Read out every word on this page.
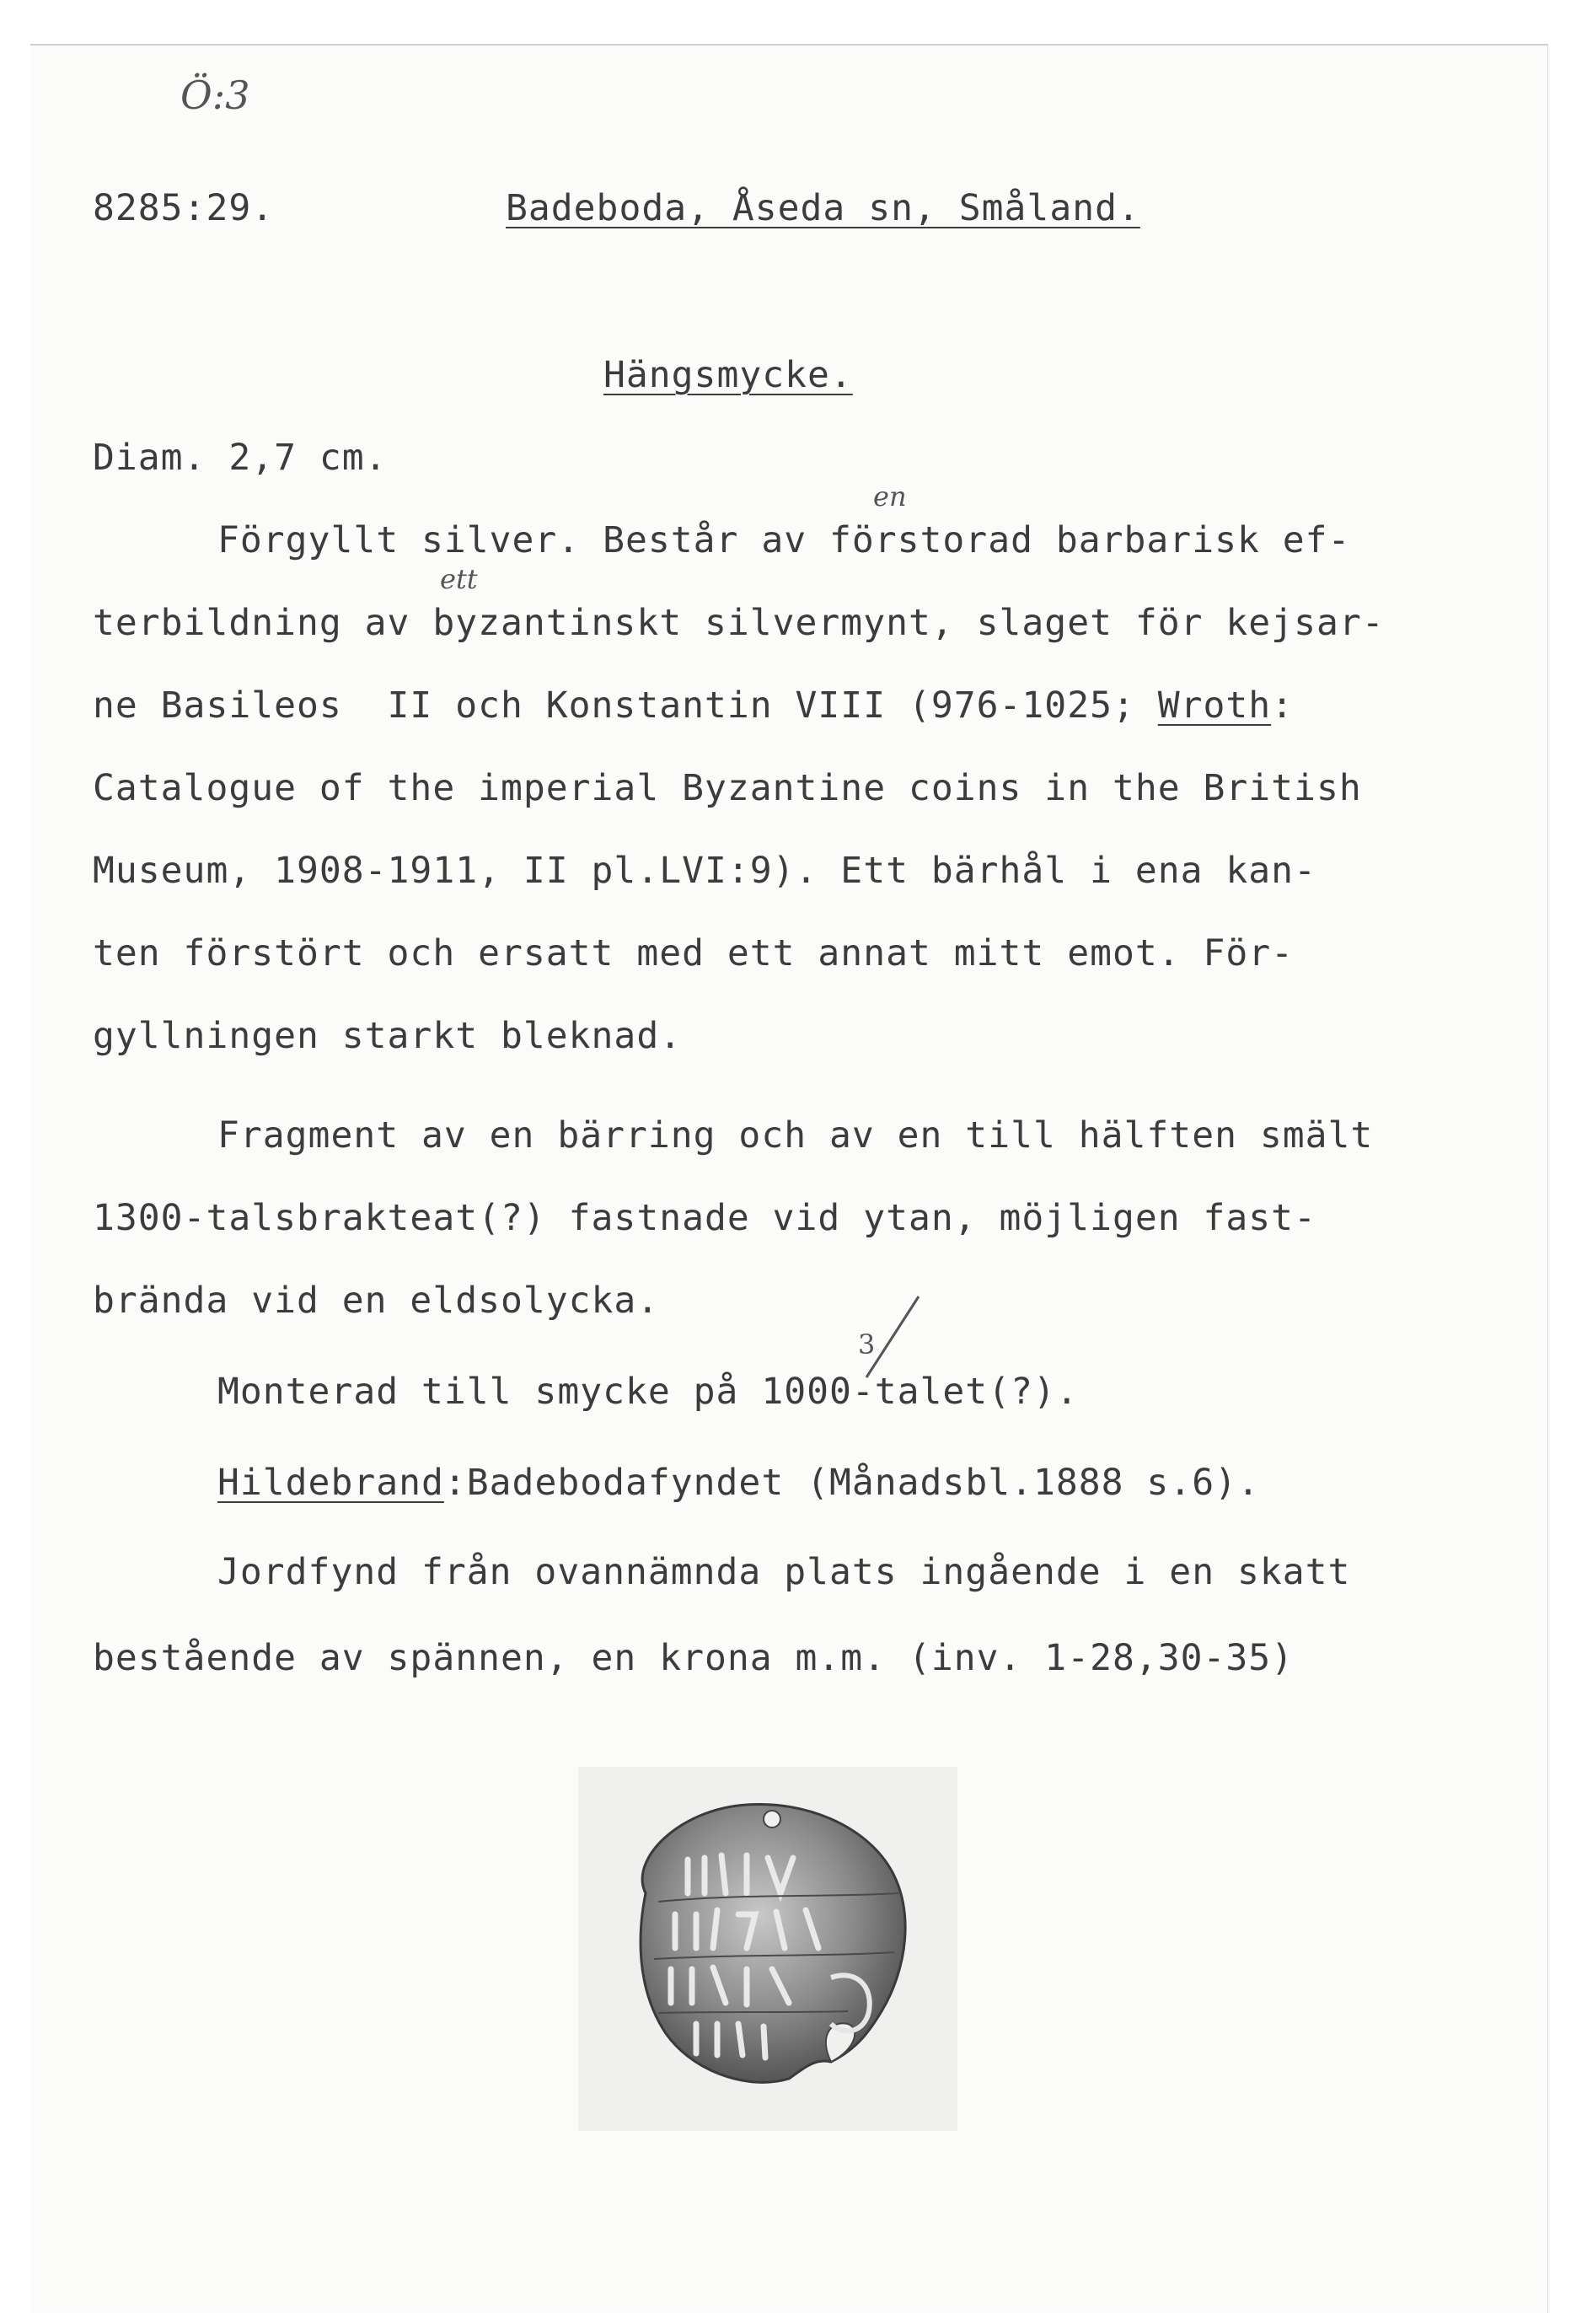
Ö:3
8285:29.	Badeboda, Åseda sn, Småland.
Hängsmycke.
Diam. 2,7 cm.
en
ett
3
Förgyllt silver. Består av förstorad barbarisk ef-
terbildning av byzantinskt silvermynt, slaget för kejsar-
ne Basileos  II och Konstantin VIII (976-1025; Wroth:
Catalogue of the imperial Byzantine coins in the British
Museum, 1908-1911, II pl.LVI:9). Ett bärhål i ena kan-
ten förstört och ersatt med ett annat mitt emot. För-
gyllningen starkt bleknad.
Fragment av en bärring och av en till hälften smält
1300-talsbrakteat(?) fastnade vid ytan, möjligen fast-
brända vid en eldsolycka.
Monterad till smycke på 1000-talet(?).
Hildebrand:Badebodafyndet (Månadsbl.1888 s.6).
Jordfynd från ovannämnda plats ingående i en skatt
bestående av spännen, en krona m.m. (inv. 1-28,30-35)
